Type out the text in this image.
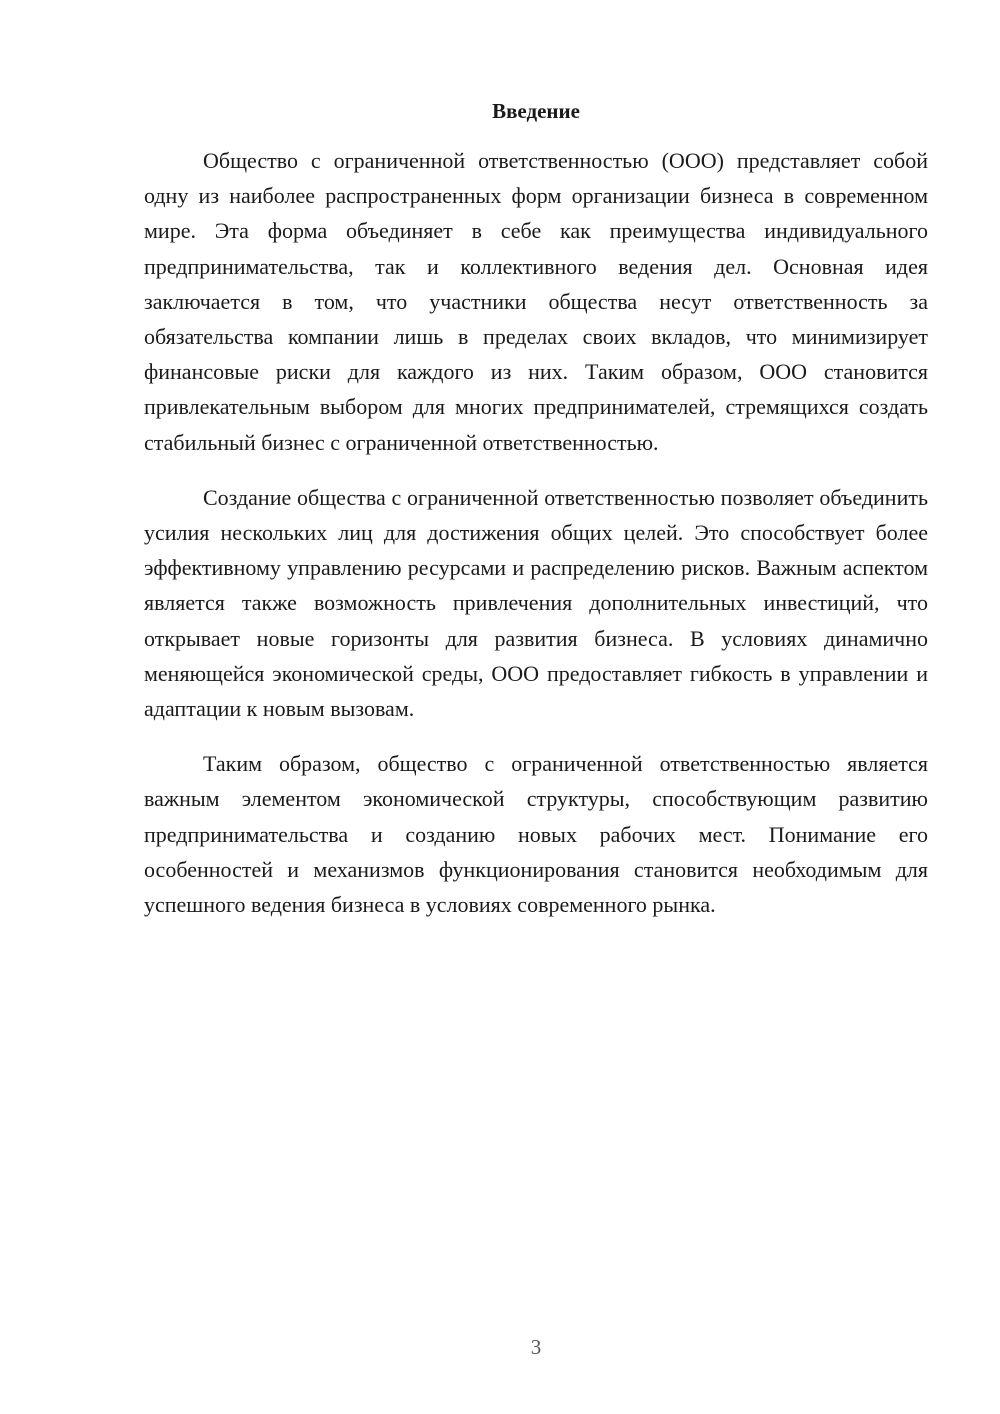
Введение

Общество с ограниченной ответственностью (ООО) представляет собой одну из наиболее распространенных форм организации бизнеса в современном мире. Эта форма объединяет в себе как преимущества индивидуального предпринимательства, так и коллективного ведения дел. Основная идея заключается в том, что участники общества несут ответственность за обязательства компании лишь в пределах своих вкладов, что минимизирует финансовые риски для каждого из них. Таким образом, ООО становится привлекательным выбором для многих предпринимателей, стремящихся создать стабильный бизнес с ограниченной ответственностью.

Создание общества с ограниченной ответственностью позволяет объединить усилия нескольких лиц для достижения общих целей. Это способствует более эффективному управлению ресурсами и распределению рисков. Важным аспектом является также возможность привлечения дополнительных инвестиций, что открывает новые горизонты для развития бизнеса. В условиях динамично меняющейся экономической среды, ООО предоставляет гибкость в управлении и адаптации к новым вызовам.

Таким образом, общество с ограниченной ответственностью является важным элементом экономической структуры, способствующим развитию предпринимательства и созданию новых рабочих мест. Понимание его особенностей и механизмов функционирования становится необходимым для успешного ведения бизнеса в условиях современного рынка.

3
